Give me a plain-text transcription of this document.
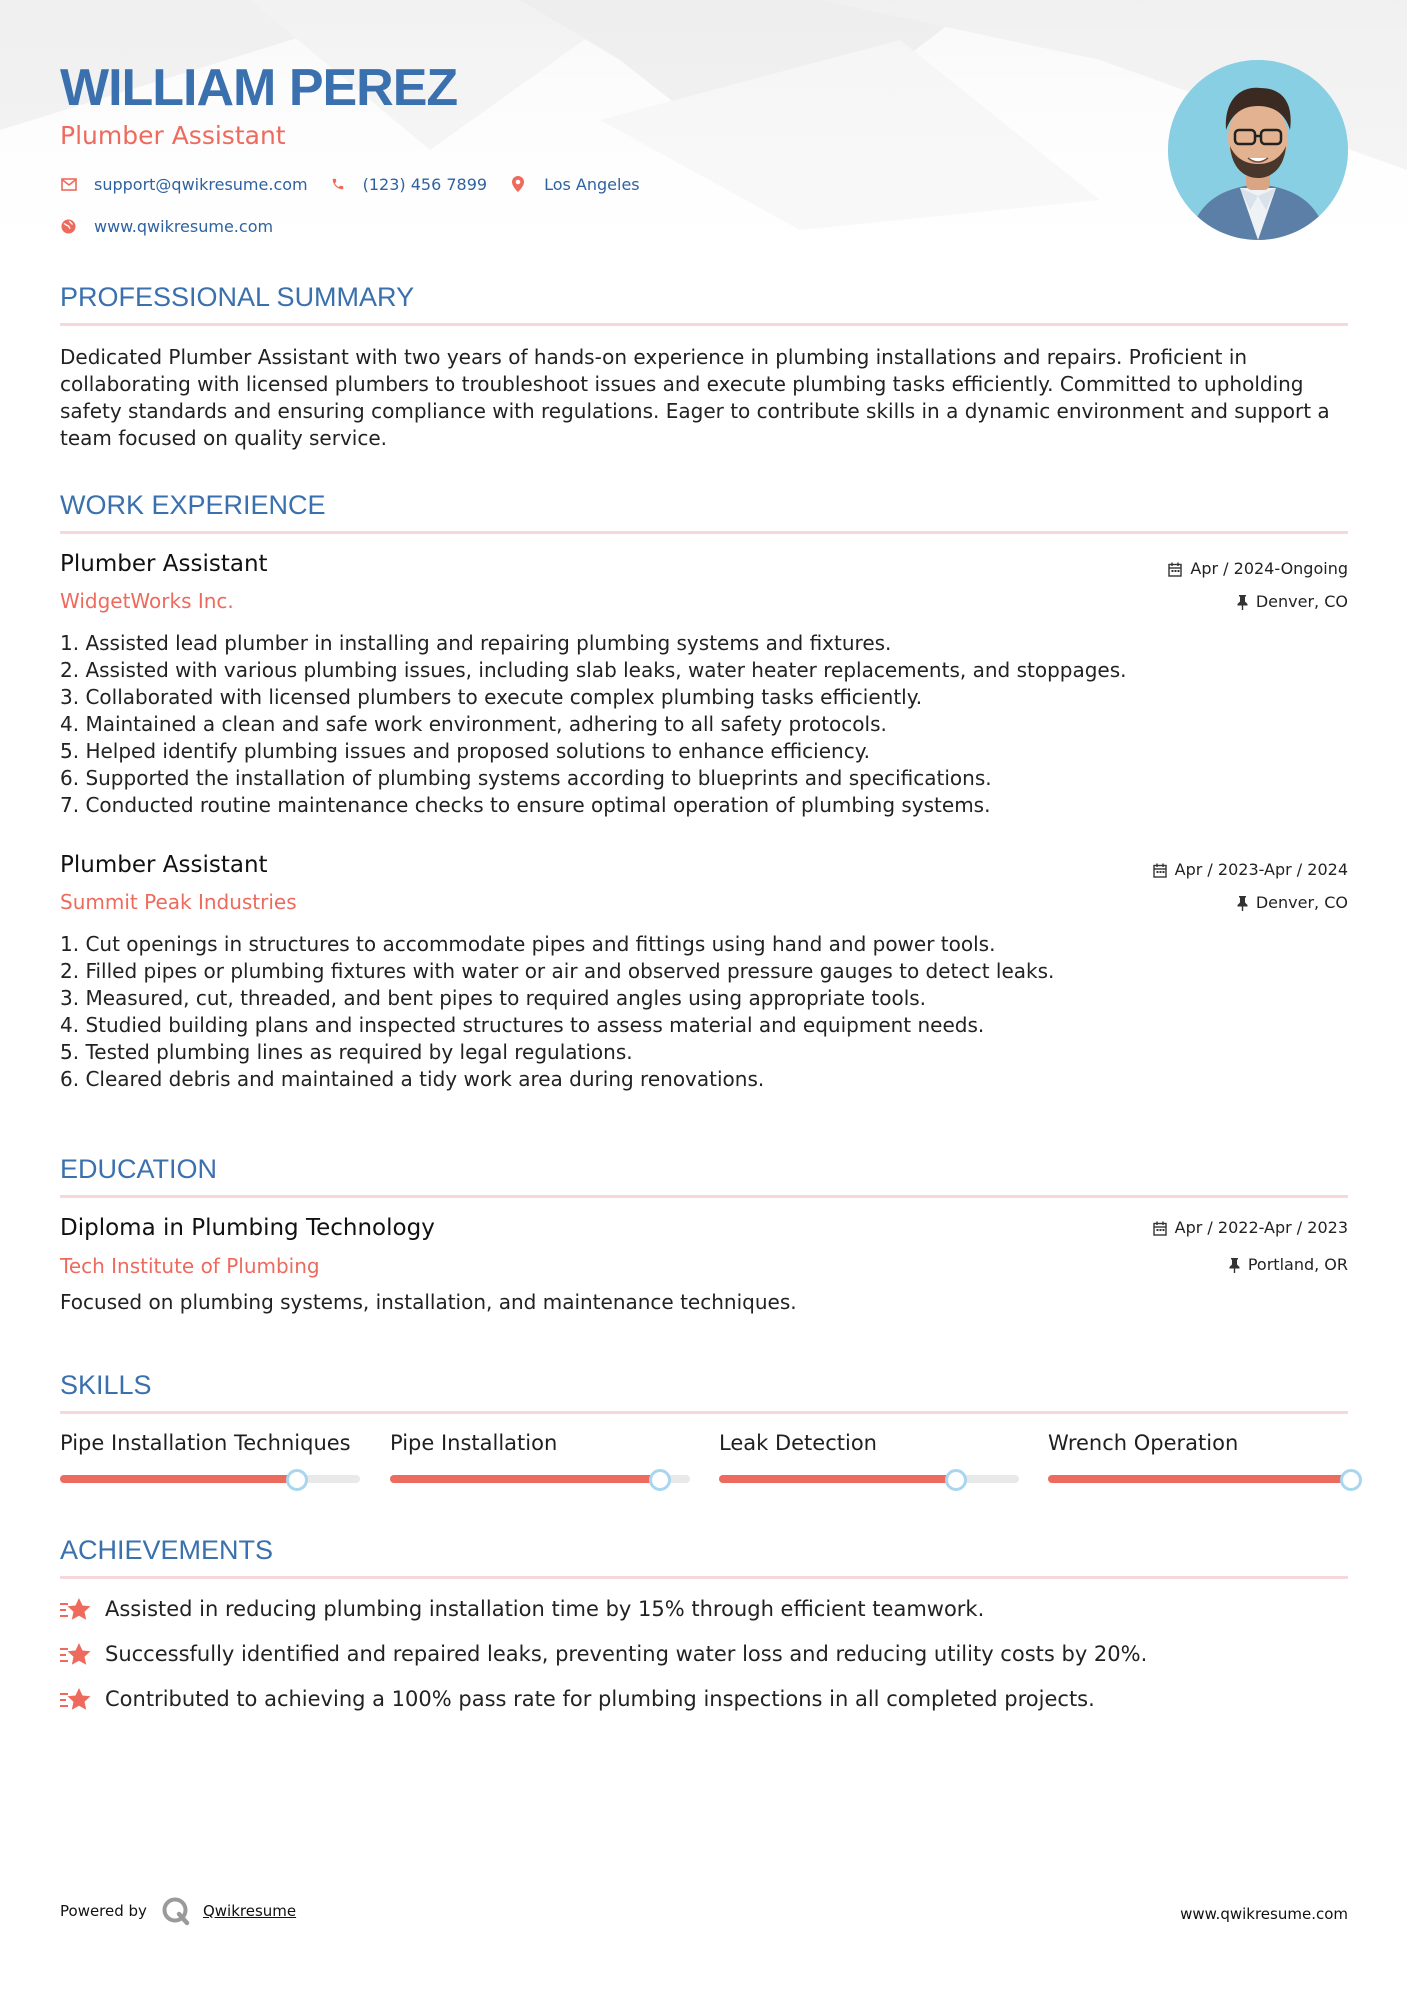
WILLIAM PEREZ
Plumber Assistant
support@qwikresume.com	(123) 456 7899	Los Angeles
www.qwikresume.com
PROFESSIONAL SUMMARY
Dedicated Plumber Assistant with two years of hands-on experience in plumbing installations and repairs. Proficient in collaborating with licensed plumbers to troubleshoot issues and execute plumbing tasks efficiently. Committed to upholding safety standards and ensuring compliance with regulations. Eager to contribute skills in a dynamic environment and support a team focused on quality service.
WORK EXPERIENCE
Plumber Assistant
WidgetWorks Inc.
Apr / 2024-Ongoing
Denver, CO
1. Assisted lead plumber in installing and repairing plumbing systems and fixtures.
2. Assisted with various plumbing issues, including slab leaks, water heater replacements, and stoppages.
3. Collaborated with licensed plumbers to execute complex plumbing tasks efficiently.
4. Maintained a clean and safe work environment, adhering to all safety protocols.
5. Helped identify plumbing issues and proposed solutions to enhance efficiency.
6. Supported the installation of plumbing systems according to blueprints and specifications.
7. Conducted routine maintenance checks to ensure optimal operation of plumbing systems.
Plumber Assistant
Summit Peak Industries
Apr / 2023-Apr / 2024
Denver, CO
1. Cut openings in structures to accommodate pipes and fittings using hand and power tools.
2. Filled pipes or plumbing fixtures with water or air and observed pressure gauges to detect leaks.
3. Measured, cut, threaded, and bent pipes to required angles using appropriate tools.
4. Studied building plans and inspected structures to assess material and equipment needs.
5. Tested plumbing lines as required by legal regulations.
6. Cleared debris and maintained a tidy work area during renovations.
EDUCATION
Diploma in Plumbing Technology
Tech Institute of Plumbing
Apr / 2022-Apr / 2023
Portland, OR
Focused on plumbing systems, installation, and maintenance techniques.
SKILLS
Pipe Installation Techniques	Pipe Installation	Leak Detection	Wrench Operation
ACHIEVEMENTS
Assisted in reducing plumbing installation time by 15% through efficient teamwork.
Successfully identified and repaired leaks, preventing water loss and reducing utility costs by 20%.
Contributed to achieving a 100% pass rate for plumbing inspections in all completed projects.
Powered by	Qwikresume	www.qwikresume.com
